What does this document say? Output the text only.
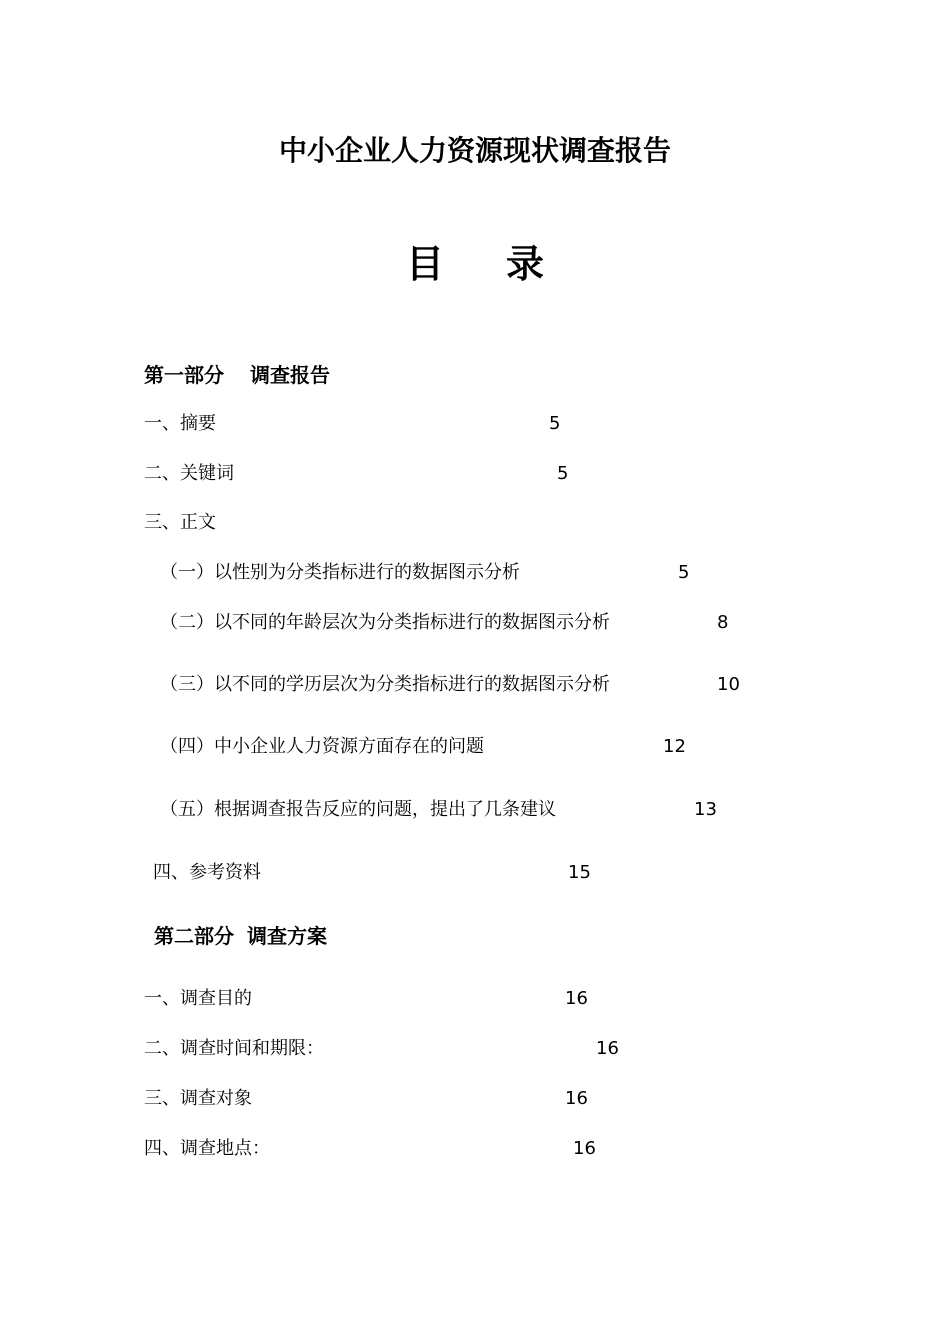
中小企业人力资源现状调查报告
目 录
第一部分 调查报告
一、摘要	5
二、关键词	5
三、正文
（一）以性别为分类指标进行的数据图示分析	5
（二）以不同的年龄层次为分类指标进行的数据图示分析	8
（三）以不同的学历层次为分类指标进行的数据图示分析	10
（四）中小企业人力资源方面存在的问题	12
（五）根据调查报告反应的问题，提出了几条建议	13
四、参考资料	15
第二部分 调查方案
一、调查目的	16
二、调查时间和期限：	16
三、调查对象	16
四、调查地点：	16
